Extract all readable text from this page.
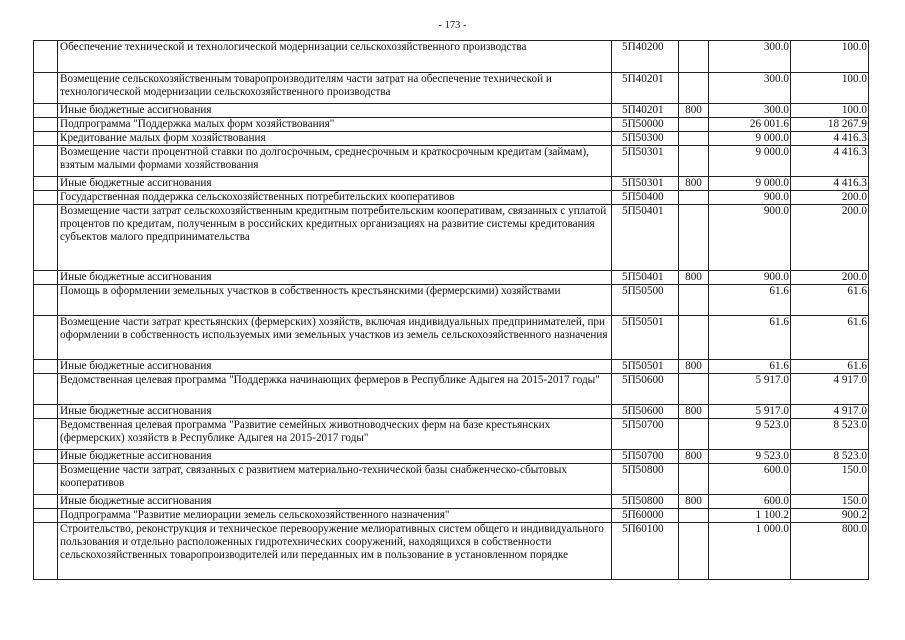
- 173 -
	Обеспечение технической и технологической модернизации сельскохозяйственного производства	5П40200		300.0	100.0
	Возмещение сельскохозяйственным товаропроизводителям части затрат на обеспечение технической и технологической модернизации сельскохозяйственного производства	5П40201		300.0	100.0
	Иные бюджетные ассигнования	5П40201	800	300.0	100.0
	Подпрограмма "Поддержка малых форм хозяйствования"	5П50000		26 001.6	18 267.9
	Кредитование малых форм хозяйствования	5П50300		9 000.0	4 416.3
	Возмещение части процентной ставки по долгосрочным, среднесрочным и краткосрочным кредитам (займам), взятым малыми формами хозяйствования	5П50301		9 000.0	4 416.3
	Иные бюджетные ассигнования	5П50301	800	9 000.0	4 416.3
	Государственная поддержка сельскохозяйственных потребительских кооперативов	5П50400		900.0	200.0
	Возмещение части затрат сельскохозяйственным кредитным потребительским кооперативам, связанных с уплатой процентов по кредитам, полученным в российских кредитных организациях на развитие системы кредитования субъектов малого предпринимательства	5П50401		900.0	200.0
	Иные бюджетные ассигнования	5П50401	800	900.0	200.0
	Помощь в оформлении земельных участков в собственность крестьянскими (фермерскими) хозяйствами	5П50500		61.6	61.6
	Возмещение части затрат крестьянских (фермерских) хозяйств, включая индивидуальных предпринимателей, при оформлении в собственность используемых ими земельных участков из земель сельскохозяйственного назначения	5П50501		61.6	61.6
	Иные бюджетные ассигнования	5П50501	800	61.6	61.6
	Ведомственная целевая программа "Поддержка начинающих фермеров в Республике Адыгея на 2015-2017 годы"	5П50600		5 917.0	4 917.0
	Иные бюджетные ассигнования	5П50600	800	5 917.0	4 917.0
	Ведомственная целевая программа "Развитие семейных животноводческих ферм на базе крестьянских (фермерских) хозяйств в Республике Адыгея на 2015-2017 годы"	5П50700		9 523.0	8 523.0
	Иные бюджетные ассигнования	5П50700	800	9 523.0	8 523.0
	Возмещение части затрат, связанных с развитием материально-технической базы снабженческо-сбытовых кооперативов	5П50800		600.0	150.0
	Иные бюджетные ассигнования	5П50800	800	600.0	150.0
	Подпрограмма "Развитие мелиорации земель сельскохозяйственного назначения"	5П60000		1 100.2	900.2
	Строительство, реконструкция и техническое перевооружение мелиоративных систем общего и индивидуального пользования и отдельно расположенных гидротехнических сооружений, находящихся в собственности сельскохозяйственных товаропроизводителей или переданных им в пользование в установленном порядке	5П60100		1 000.0	800.0
